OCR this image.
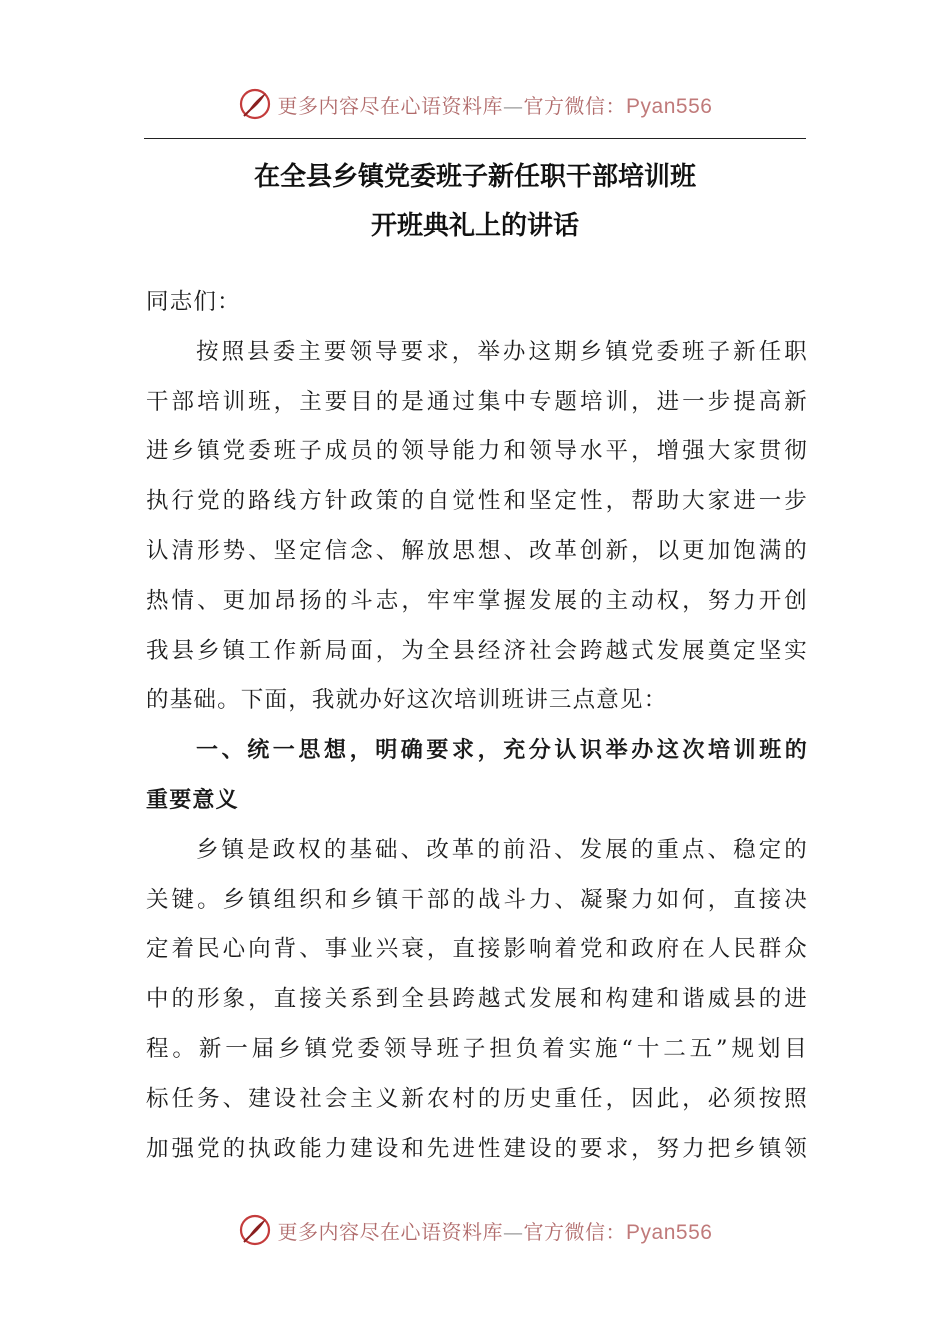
更多内容尽在心语资料库—官方微信：Pyan556
在全县乡镇党委班子新任职干部培训班
开班典礼上的讲话
同志们：
按照县委主要领导要求，举办这期乡镇党委班子新任职
干部培训班，主要目的是通过集中专题培训，进一步提高新
进乡镇党委班子成员的领导能力和领导水平，增强大家贯彻
执行党的路线方针政策的自觉性和坚定性，帮助大家进一步
认清形势、坚定信念、解放思想、改革创新，以更加饱满的
热情、更加昂扬的斗志，牢牢掌握发展的主动权，努力开创
我县乡镇工作新局面，为全县经济社会跨越式发展奠定坚实
的基础。下面，我就办好这次培训班讲三点意见：
一、统一思想，明确要求，充分认识举办这次培训班的
重要意义
乡镇是政权的基础、改革的前沿、发展的重点、稳定的
关键。乡镇组织和乡镇干部的战斗力、凝聚力如何，直接决
定着民心向背、事业兴衰，直接影响着党和政府在人民群众
中的形象，直接关系到全县跨越式发展和构建和谐威县的进
程。新一届乡镇党委领导班子担负着实施“十二五”规划目
标任务、建设社会主义新农村的历史重任，因此，必须按照
加强党的执政能力建设和先进性建设的要求，努力把乡镇领
更多内容尽在心语资料库—官方微信：Pyan556
